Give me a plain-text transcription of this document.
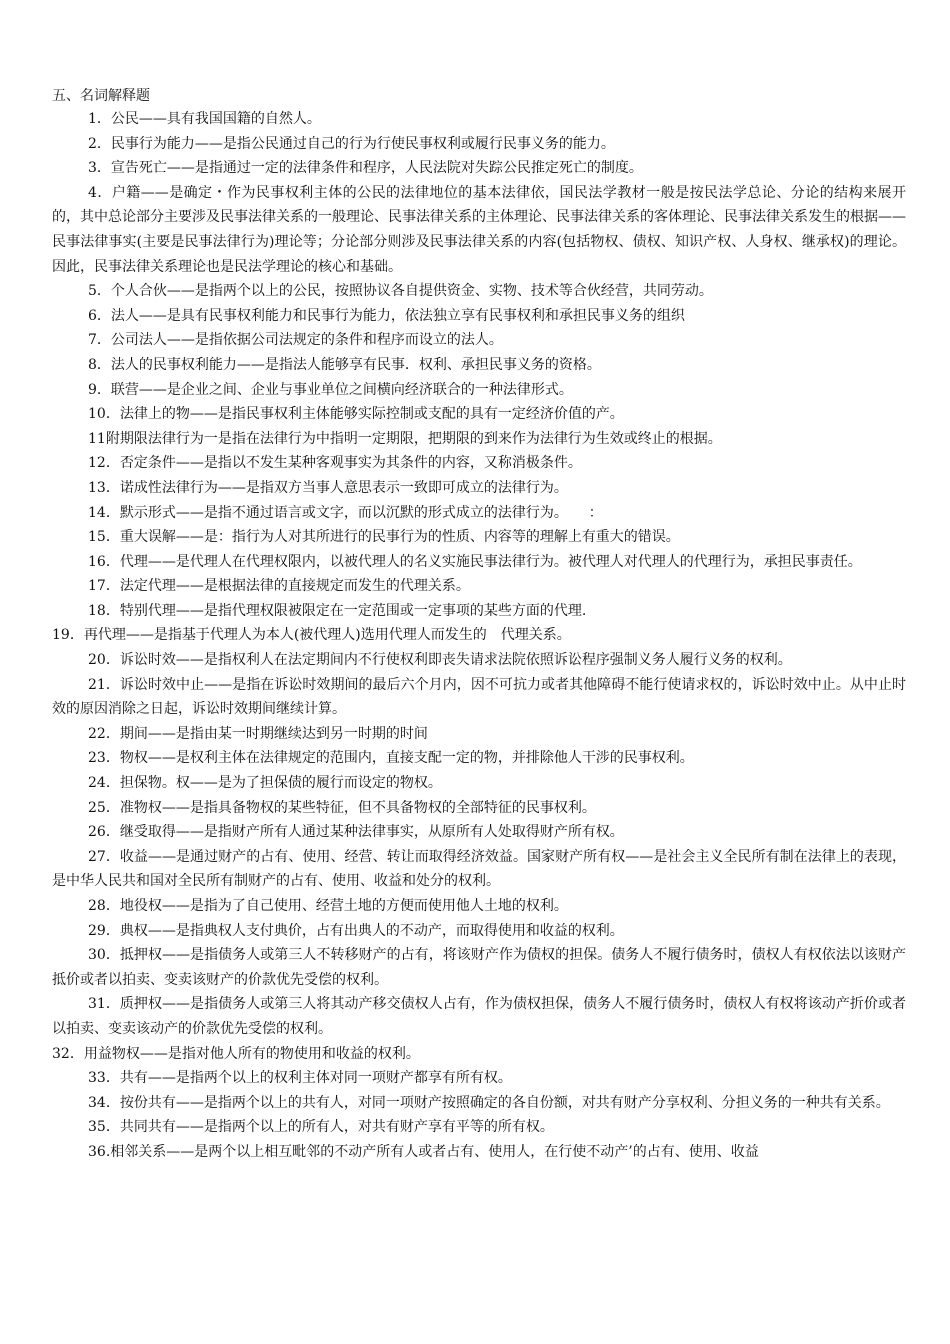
五、名词解释题

1．公民——具有我国国籍的自然人。

2．民事行为能力——是指公民通过自己的行为行使民事权利或履行民事义务的能力。

3．宣告死亡——是指通过一定的法律条件和程序，人民法院对失踪公民推定死亡的制度。

4．户籍——是确定・作为民事权利主体的公民的法律地位的基本法律依，国民法学教材一般是按民法学总论、分论的结构来展开的，其中总论部分主要涉及民事法律关系的一般理论、民事法律关系的主体理论、民事法律关系的客体理论、民事法律关系发生的根据——民事法律事实(主要是民事法律行为)理论等；分论部分则涉及民事法律关系的内容(包括物权、债权、知识产权、人身权、继承权)的理论。因此，民事法律关系理论也是民法学理论的核心和基础。

5．个人合伙——是指两个以上的公民，按照协议各自提供资金、实物、技术等合伙经营，共同劳动。

6．法人——是具有民事权利能力和民事行为能力，依法独立享有民事权利和承担民事义务的组织

7．公司法人——是指依据公司法规定的条件和程序而设立的法人。

8．法人的民事权利能力——是指法人能够享有民事．权利、承担民事义务的资格。

9．联营——是企业之间、企业与事业单位之间横向经济联合的一种法律形式。

10．法律上的物——是指民事权利主体能够实际控制或支配的具有一定经济价值的产。

11附期限法律行为一是指在法律行为中指明一定期限，把期限的到来作为法律行为生效或终止的根据。

12．否定条件——是指以不发生某种客观事实为其条件的内容，又称消极条件。

13．诺成性法律行为——是指双方当事人意思表示一致即可成立的法律行为。

14．默示形式——是指不通过语言或文字，而以沉默的形式成立的法律行为。　　：

15．重大误解——是：指行为人对其所进行的民事行为的性质、内容等的理解上有重大的错误。

16．代理——是代理人在代理权限内，以被代理人的名义实施民事法律行为。被代理人对代理人的代理行为，承担民事责任。

17．法定代理——是根据法律的直接规定而发生的代理关系。

18．特别代理——是指代理权限被限定在一定范围或一定事项的某些方面的代理.

19．再代理——是指基于代理人为本人(被代理人)选用代理人而发生的　代理关系。

20．诉讼时效——是指权利人在法定期间内不行使权利即丧失请求法院依照诉讼程序强制义务人履行义务的权利。

21．诉讼时效中止——是指在诉讼时效期间的最后六个月内，因不可抗力或者其他障碍不能行使请求权的，诉讼时效中止。从中止时效的原因消除之日起，诉讼时效期间继续计算。

22．期间——是指由某一时期继续达到另一时期的时间

23．物权——是权利主体在法律规定的范围内，直接支配一定的物，并排除他人干涉的民事权利。

24．担保物。权——是为了担保债的履行而设定的物权。

25．准物权——是指具备物权的某些特征，但不具备物权的全部特征的民事权利。

26．继受取得——是指财产所有人通过某种法律事实，从原所有人处取得财产所有权。

27．收益——是通过财产的占有、使用、经营、转让而取得经济效益。国家财产所有权——是社会主义全民所有制在法律上的表现，是中华人民共和国对全民所有制财产的占有、使用、收益和处分的权利。

28．地役权——是指为了自己使用、经营土地的方便而使用他人土地的权利。

29．典权——是指典权人支付典价，占有出典人的不动产，而取得使用和收益的权利。

30．抵押权——是指债务人或第三人不转移财产的占有，将该财产作为债权的担保。债务人不履行债务时，债权人有权依法以该财产抵价或者以拍卖、变卖该财产的价款优先受偿的权利。

31．质押权——是指债务人或第三人将其动产移交债权人占有，作为债权担保，债务人不履行债务时，债权人有权将该动产折价或者以拍卖、变卖该动产的价款优先受偿的权利。

32．用益物权——是指对他人所有的物使用和收益的权利。

33．共有——是指两个以上的权利主体对同一项财产都享有所有权。

34．按份共有——是指两个以上的共有人，对同一项财产按照确定的各自份额，对共有财产分享权利、分担义务的一种共有关系。

35．共同共有——是指两个以上的所有人，对共有财产享有平等的所有权。

36.相邻关系——是两个以上相互毗邻的不动产所有人或者占有、使用人，在行使不动产’的占有、使用、收益
